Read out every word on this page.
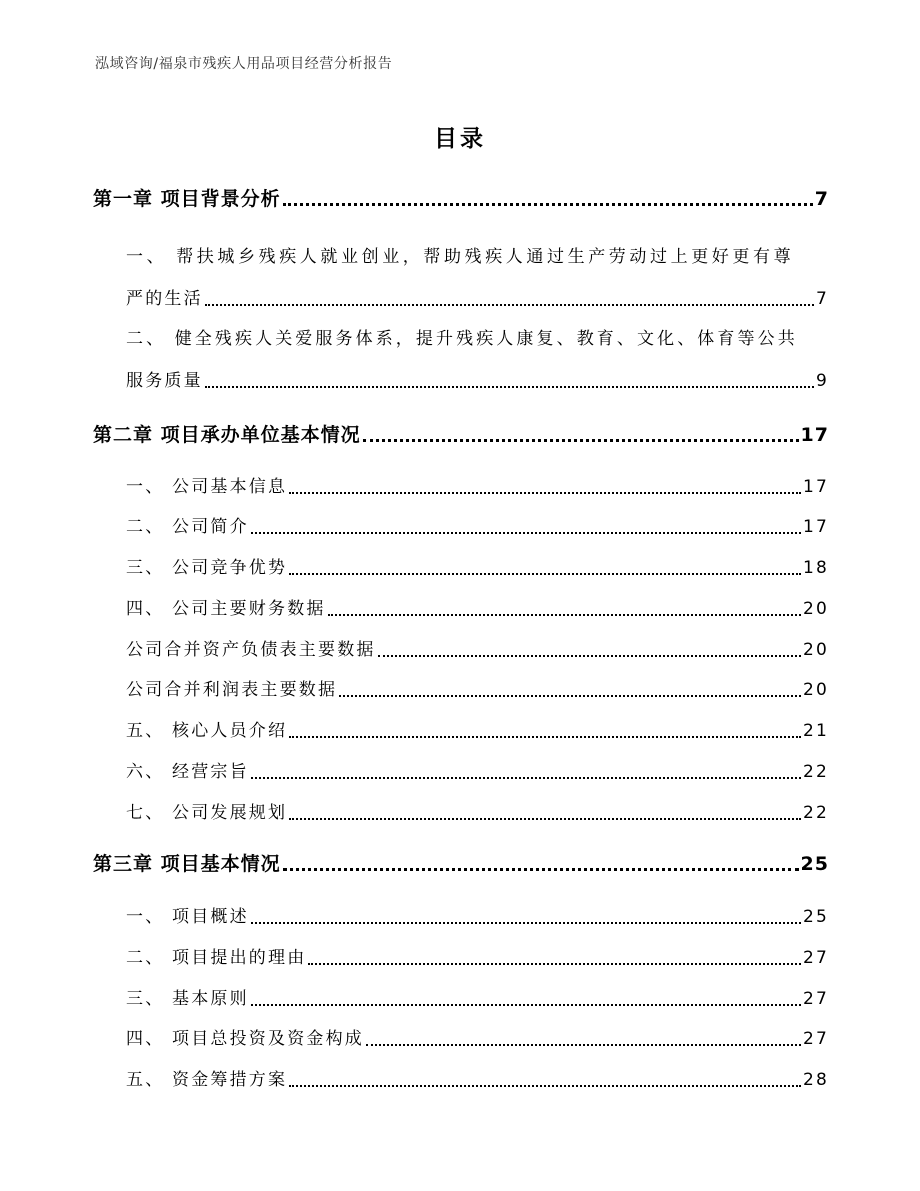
泓域咨询/福泉市残疾人用品项目经营分析报告
目录
第一章 项目背景分析	7
一、 帮扶城乡残疾人就业创业，帮助残疾人通过生产劳动过上更好更有尊
严的生活	7
二、 健全残疾人关爱服务体系，提升残疾人康复、教育、文化、体育等公共
服务质量	9
第二章 项目承办单位基本情况	17
一、 公司基本信息	17
二、 公司简介	17
三、 公司竞争优势	18
四、 公司主要财务数据	20
公司合并资产负债表主要数据	20
公司合并利润表主要数据	20
五、 核心人员介绍	21
六、 经营宗旨	22
七、 公司发展规划	22
第三章 项目基本情况	25
一、 项目概述	25
二、 项目提出的理由	27
三、 基本原则	27
四、 项目总投资及资金构成	27
五、 资金筹措方案	28
